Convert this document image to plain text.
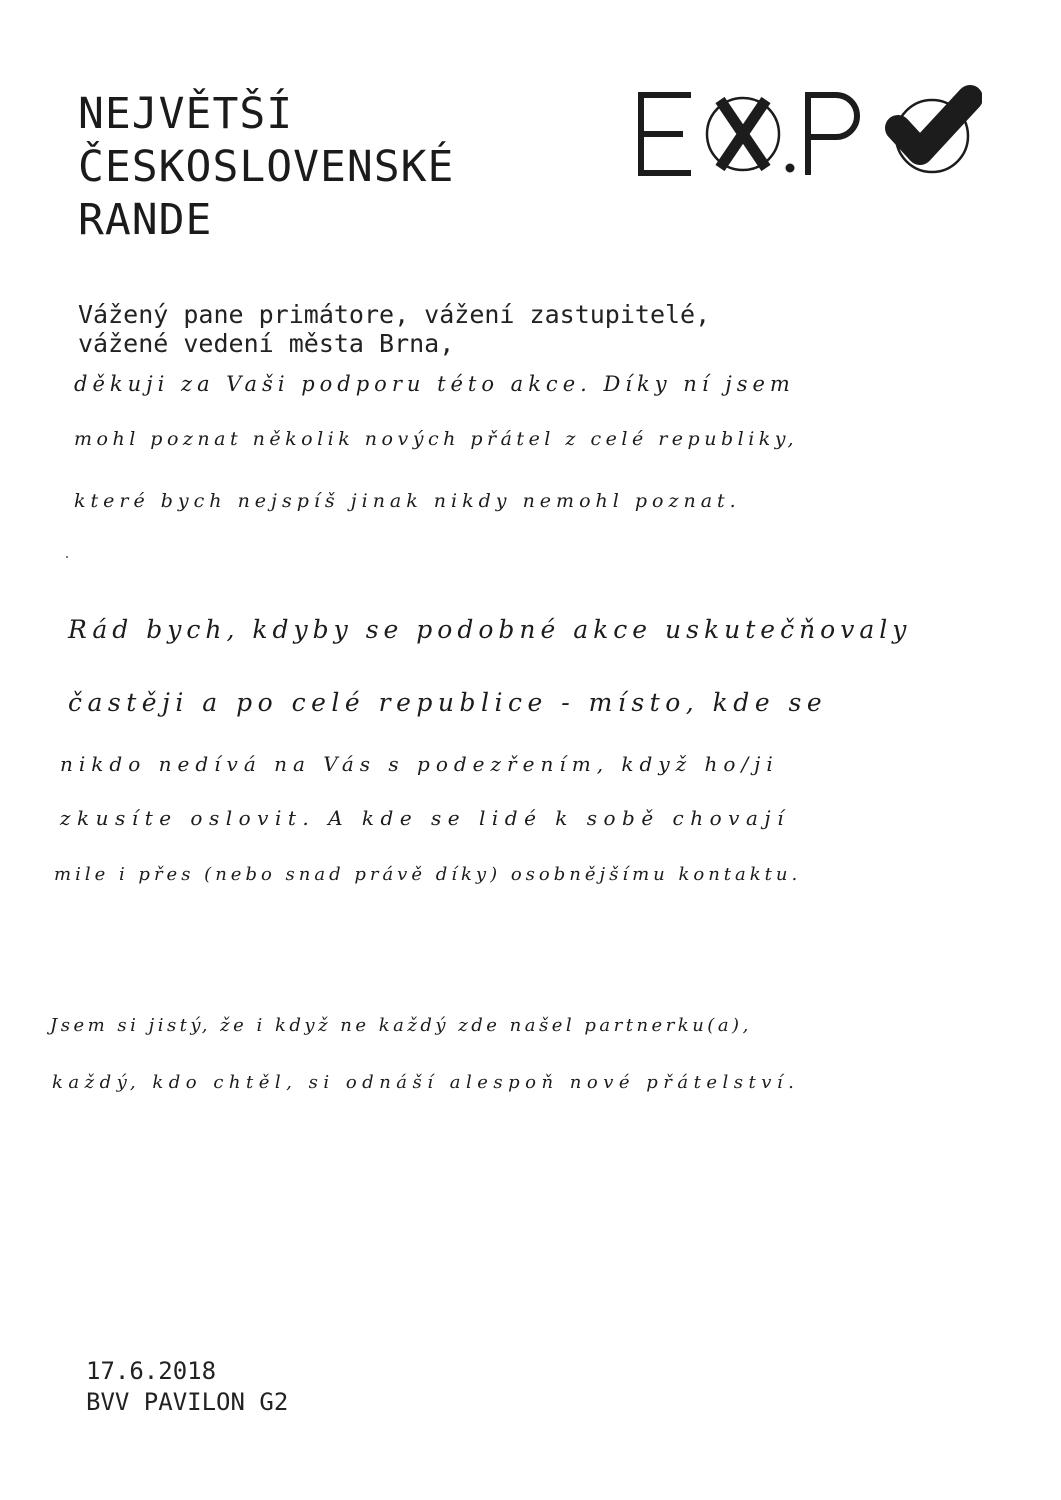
NEJVĚTŠÍ
ČESKOSLOVENSKÉ
RANDE
EX.PO
Vážený pane primátore, vážení zastupitelé,
vážené vedení města Brna,
děkuji za Vaši podporu této akce. Díky ní jsem
mohl poznat několik nových přátel z celé republiky,
které bych nejspíš jinak nikdy nemohl poznat.
Rád bych, kdyby se podobné akce uskutečňovaly
častěji a po celé republice - místo, kde se
nikdo nedívá na Vás s podezřením, když ho/ji
zkusíte oslovit. A kde se lidé k sobě chovají
mile i přes (nebo snad právě díky) osobnějšímu kontaktu.
Jsem si jistý, že i když ne každý zde našel partnerku(a),
každý, kdo chtěl, si odnáší alespoň nové přátelství.
17.6.2018
BVV PAVILON G2
